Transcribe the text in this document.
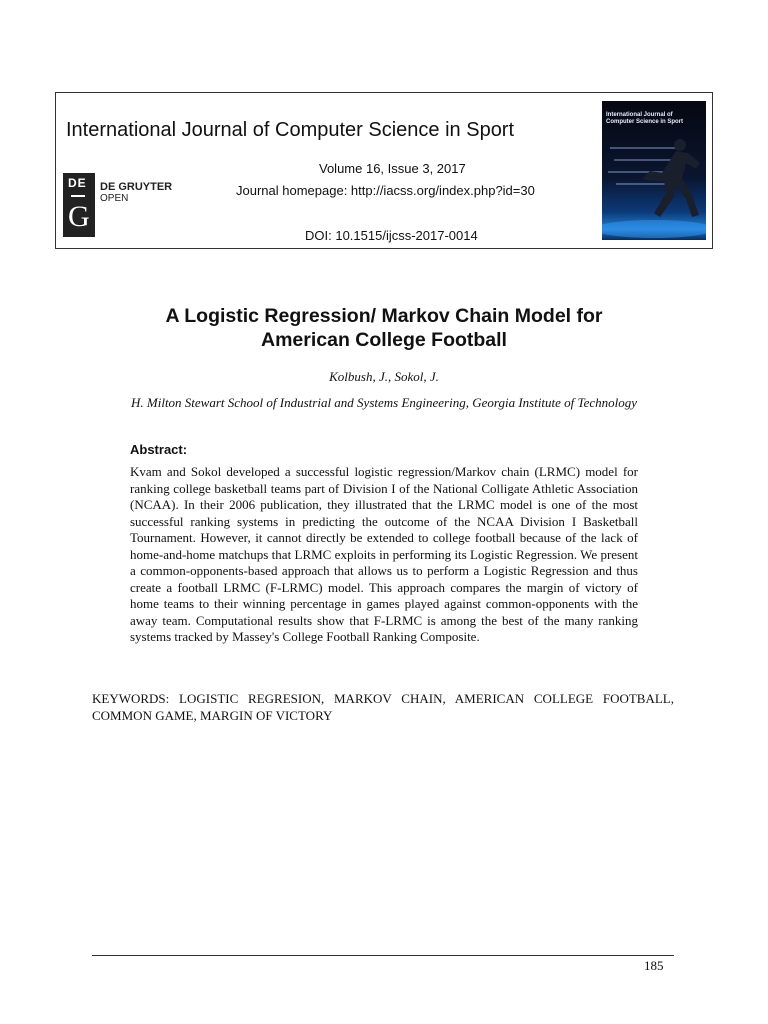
International Journal of Computer Science in Sport
Volume 16, Issue 3, 2017
Journal homepage: http://iacss.org/index.php?id=30
DOI: 10.1515/ijcss-2017-0014
DE
G
DE GRUYTER
OPEN
International Journal of
Computer Science in Sport
A Logistic Regression/ Markov Chain Model for
American College Football
Kolbush, J., Sokol, J.
H. Milton Stewart School of Industrial and Systems Engineering, Georgia Institute of Technology
Abstract:
Kvam and Sokol developed a successful logistic regression/Markov chain (LRMC) model for ranking college basketball teams part of Division I of the National Colligate Athletic Association (NCAA). In their 2006 publication, they illustrated that the LRMC model is one of the most successful ranking systems in predicting the outcome of the NCAA Division I Basketball Tournament. However, it cannot directly be extended to college football because of the lack of home-and-home matchups that LRMC exploits in performing its Logistic Regression. We present a common-opponents-based approach that allows us to perform a Logistic Regression and thus create a football LRMC (F-LRMC) model. This approach compares the margin of victory of home teams to their winning percentage in games played against common-opponents with the away team. Computational results show that F-LRMC is among the best of the many ranking systems tracked by Massey's College Football Ranking Composite.
KEYWORDS: LOGISTIC REGRESION, MARKOV CHAIN, AMERICAN COLLEGE FOOTBALL, COMMON GAME, MARGIN OF VICTORY
185
